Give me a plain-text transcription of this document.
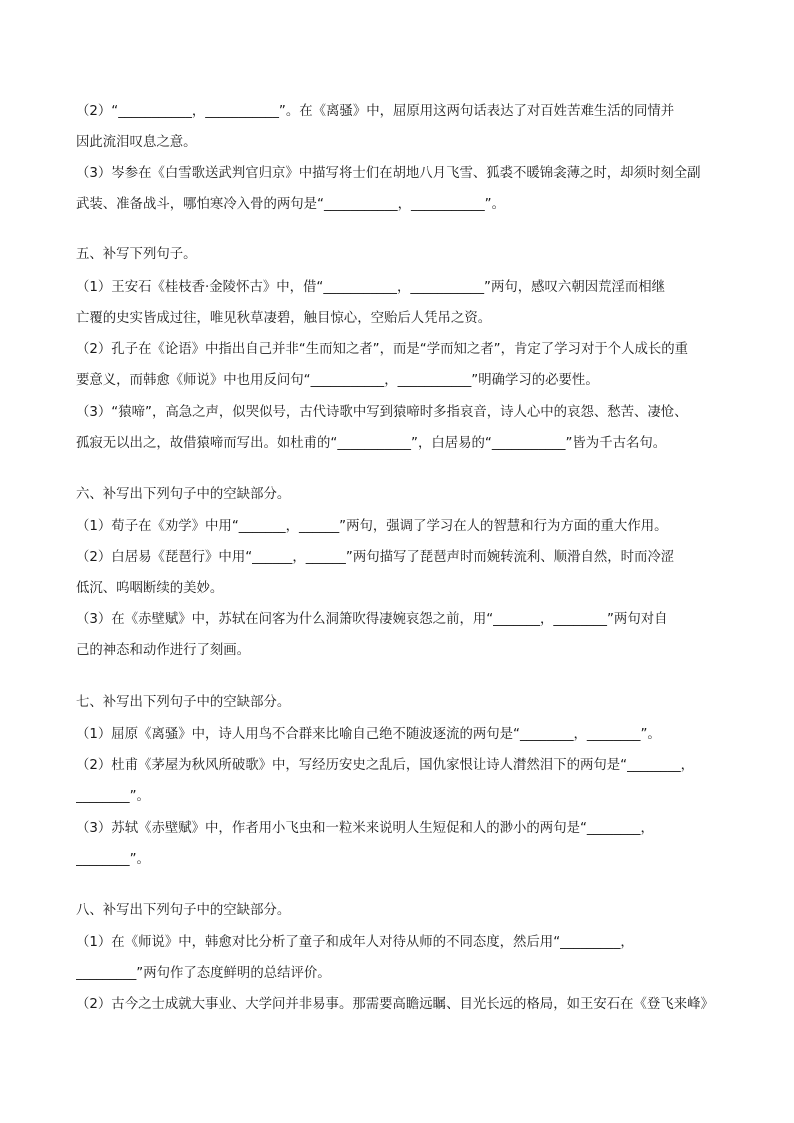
（2）“___________，___________”。在《离骚》中，屈原用这两句话表达了对百姓苦难生活的同情并
因此流泪叹息之意。
（3）岑参在《白雪歌送武判官归京》中描写将士们在胡地八月飞雪、狐裘不暖锦衾薄之时，却须时刻全副
武装、准备战斗，哪怕寒冷入骨的两句是“___________，___________”。
五、补写下列句子。
（1）王安石《桂枝香·金陵怀古》中，借“___________，___________”两句，感叹六朝因荒淫而相继
亡覆的史实皆成过往，唯见秋草凄碧，触目惊心，空贻后人凭吊之资。
（2）孔子在《论语》中指出自己并非“生而知之者”，而是“学而知之者”，肯定了学习对于个人成长的重
要意义，而韩愈《师说》中也用反问句“___________，___________”明确学习的必要性。
（3）“猿啼”，高急之声，似哭似号，古代诗歌中写到猿啼时多指哀音，诗人心中的哀怨、愁苦、凄怆、
孤寂无以出之，故借猿啼而写出。如杜甫的“___________”，白居易的“___________”皆为千古名句。
六、补写出下列句子中的空缺部分。
（1）荀子在《劝学》中用“_______，______”两句，强调了学习在人的智慧和行为方面的重大作用。
（2）白居易《琵琶行》中用“______，______”两句描写了琵琶声时而婉转流利、顺滑自然，时而冷涩
低沉、呜咽断续的美妙。
（3）在《赤壁赋》中，苏轼在问客为什么洞箫吹得凄婉哀怨之前，用“_______，________”两句对自
己的神态和动作进行了刻画。
七、补写出下列句子中的空缺部分。
（1）屈原《离骚》中，诗人用鸟不合群来比喻自己绝不随波逐流的两句是“________，________”。
（2）杜甫《茅屋为秋风所破歌》中，写经历安史之乱后，国仇家恨让诗人潸然泪下的两句是“________，
________”。
（3）苏轼《赤壁赋》中，作者用小飞虫和一粒米来说明人生短促和人的渺小的两句是“________，
________”。
八、补写出下列句子中的空缺部分。
（1）在《师说》中，韩愈对比分析了童子和成年人对待从师的不同态度，然后用“_________，
_________”两句作了态度鲜明的总结评价。
（2）古今之士成就大事业、大学问并非易事。那需要高瞻远瞩、目光长远的格局，如王安石在《登飞来峰》
